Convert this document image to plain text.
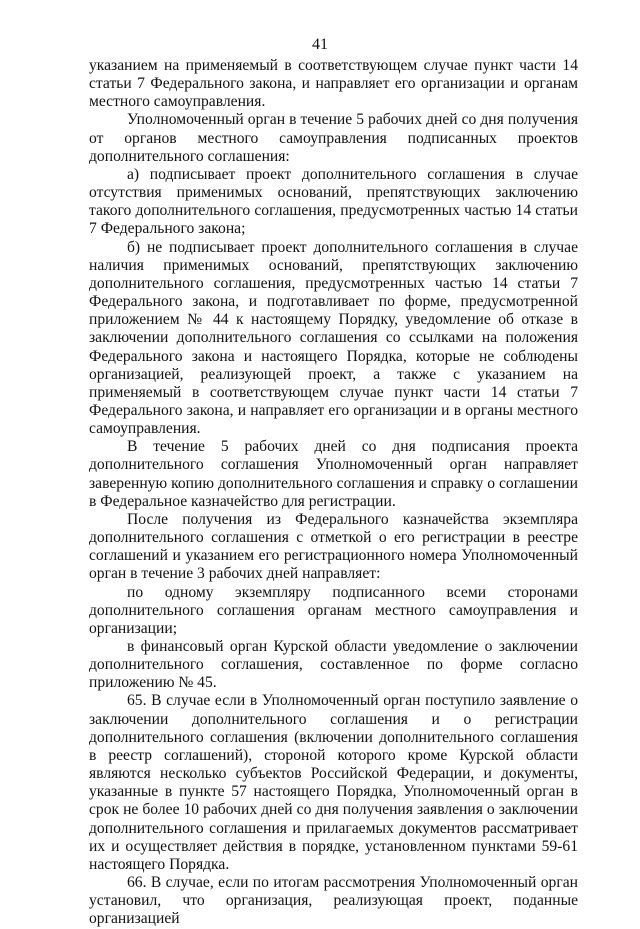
41

указанием на применяемый в соответствующем случае пункт части 14 статьи 7 Федерального закона, и направляет его организации и органам местного самоуправления.

Уполномоченный орган в течение 5 рабочих дней со дня получения от органов местного самоуправления подписанных проектов дополнительного соглашения:

а) подписывает проект дополнительного соглашения в случае отсутствия применимых оснований, препятствующих заключению такого дополнительного соглашения, предусмотренных частью 14 статьи 7 Федерального закона;

б) не подписывает проект дополнительного соглашения в случае наличия применимых оснований, препятствующих заключению дополнительного соглашения, предусмотренных частью 14 статьи 7 Федерального закона, и подготавливает по форме, предусмотренной приложением № 44 к настоящему Порядку, уведомление об отказе в заключении дополнительного соглашения со ссылками на положения Федерального закона и настоящего Порядка, которые не соблюдены организацией, реализующей проект, а также с указанием на применяемый в соответствующем случае пункт части 14 статьи 7 Федерального закона, и направляет его организации и в органы местного самоуправления.

В течение 5 рабочих дней со дня подписания проекта дополнительного соглашения Уполномоченный орган направляет заверенную копию дополнительного соглашения и справку о соглашении в Федеральное казначейство для регистрации.

После получения из Федерального казначейства экземпляра дополнительного соглашения с отметкой о его регистрации в реестре соглашений и указанием его регистрационного номера Уполномоченный орган в течение 3 рабочих дней направляет:

по одному экземпляру подписанного всеми сторонами дополнительного соглашения органам местного самоуправления и организации;

в финансовый орган Курской области уведомление о заключении дополнительного соглашения, составленное по форме согласно приложению № 45.

65. В случае если в Уполномоченный орган поступило заявление о заключении дополнительного соглашения и о регистрации дополнительного соглашения (включении дополнительного соглашения в реестр соглашений), стороной которого кроме Курской области являются несколько субъектов Российской Федерации, и документы, указанные в пункте 57 настоящего Порядка, Уполномоченный орган в срок не более 10 рабочих дней со дня получения заявления о заключении дополнительного соглашения и прилагаемых документов рассматривает их и осуществляет действия в порядке, установленном пунктами 59-61 настоящего Порядка.

66. В случае, если по итогам рассмотрения Уполномоченный орган установил, что организация, реализующая проект, поданные организацией
